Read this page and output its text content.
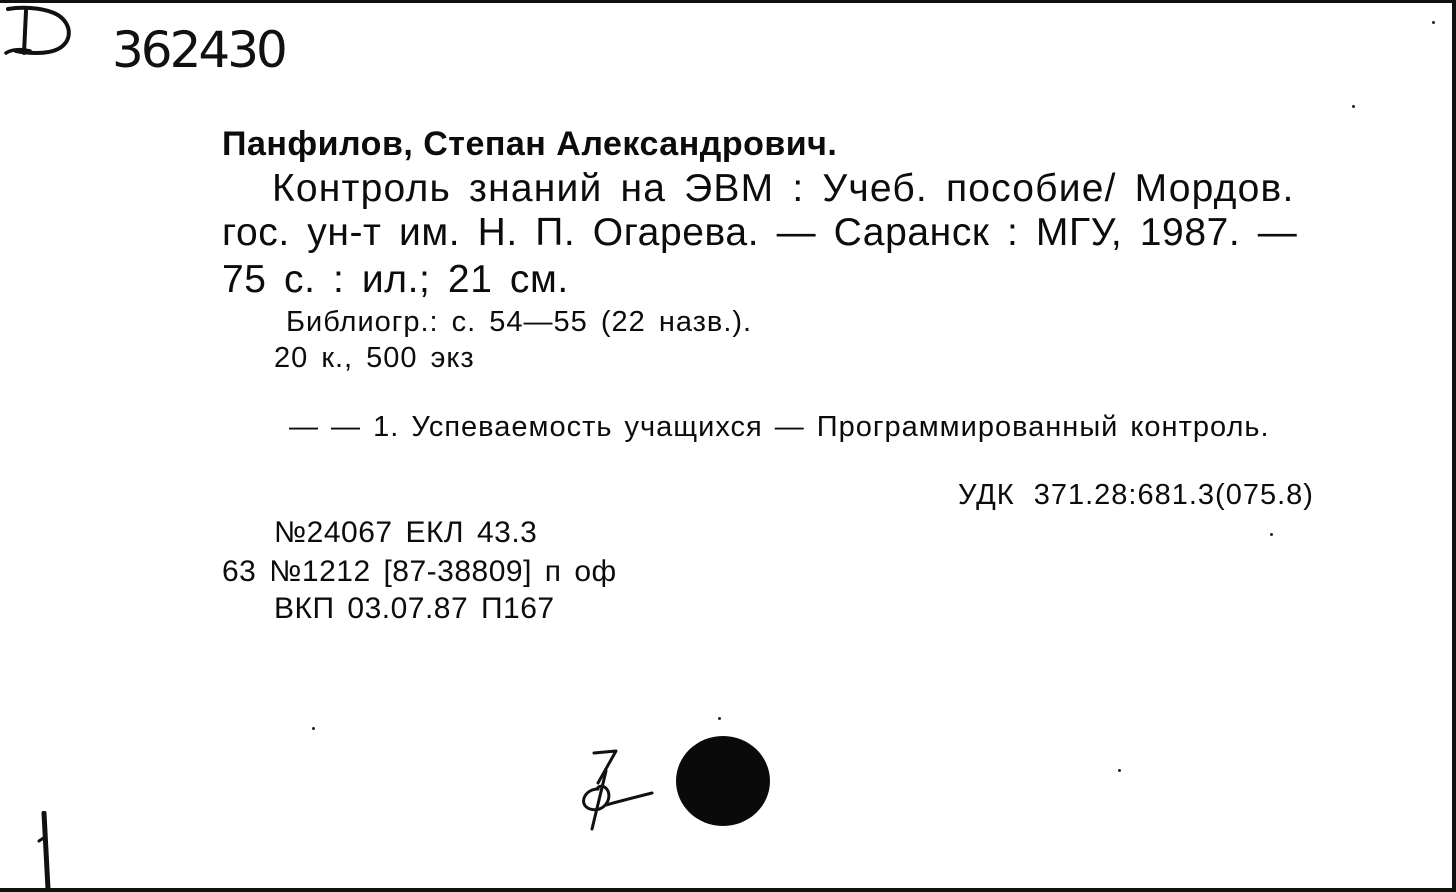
362430
Панфилов, Степан Александрович.
Контроль знаний на ЭВМ : Учеб. пособие/ Мордов.
гос. ун-т им. Н. П. Огарева. — Саранск : МГУ, 1987. —
75 с. : ил.; 21 см.
Библиогр.: с. 54—55 (22 назв.).
20 к., 500 экз
— — 1. Успеваемость учащихся — Программированный контроль.
УДК 371.28:681.3(075.8)
№24067 ЕКЛ 43.3
63 №1212 [87-38809] п оф
ВКП 03.07.87 П167
